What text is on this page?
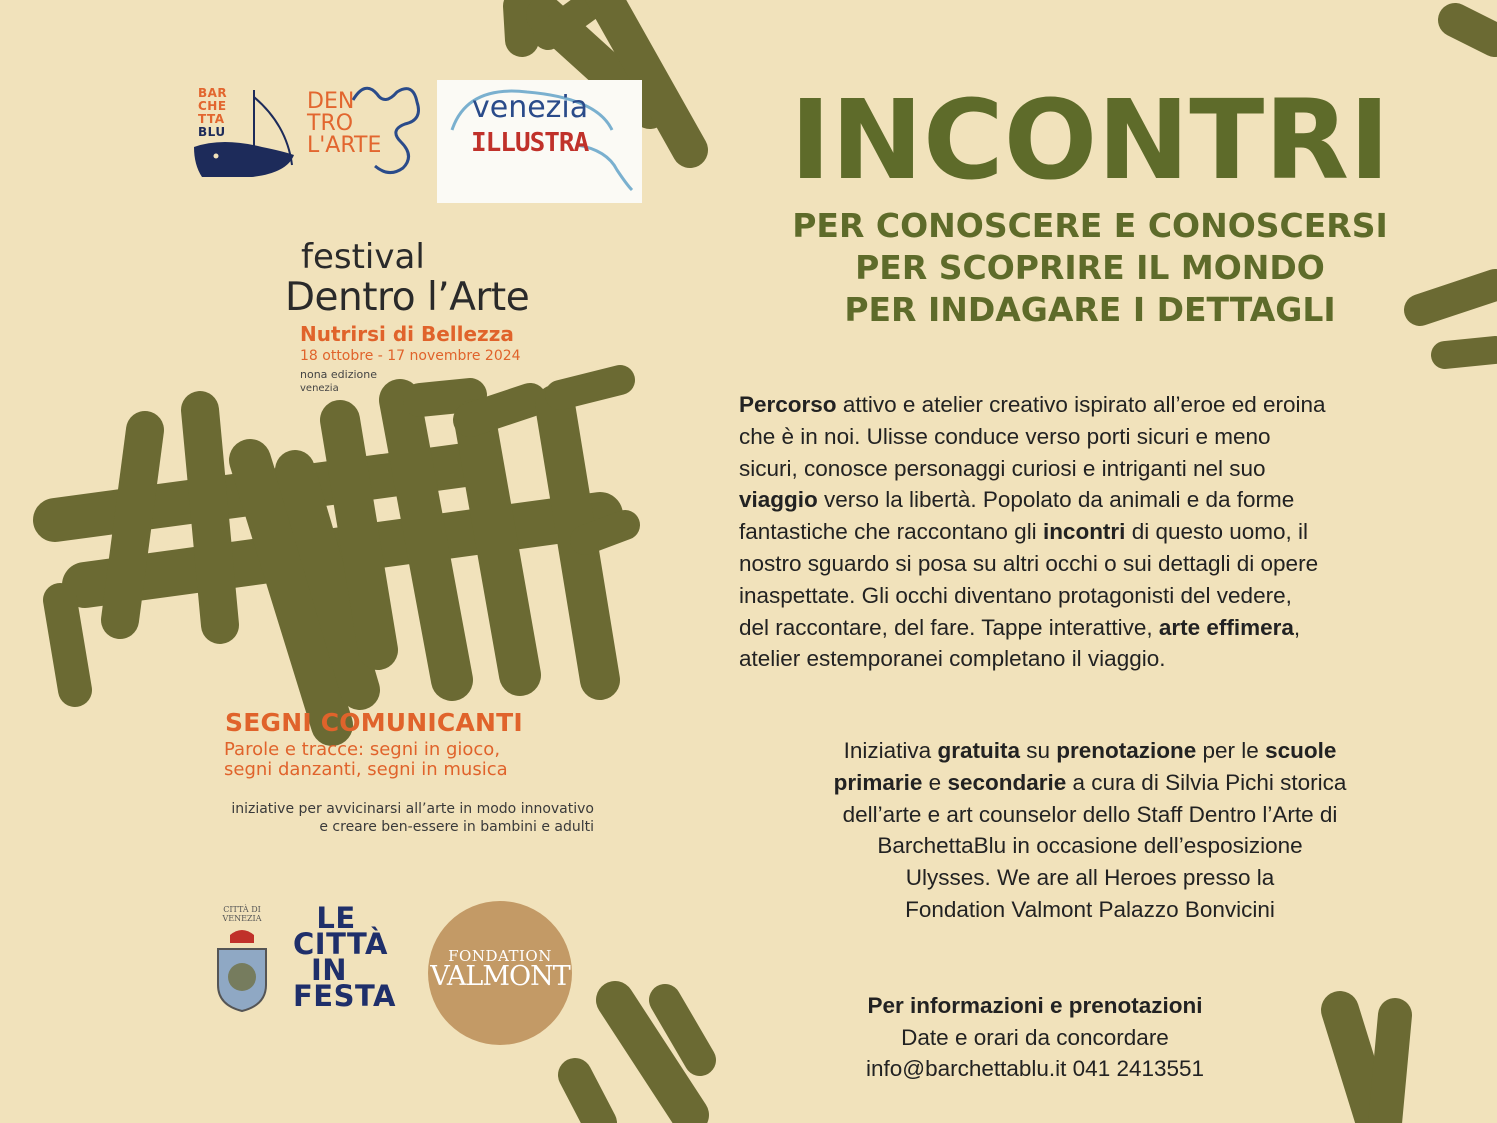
BAR
CHE
TTA
BLU
DEN
TRO
L'ARTE
venezia
ILLUSTRA
festival
Dentro l’Arte
Nutrirsi di Bellezza
18 ottobre - 17 novembre 2024
nona edizione
venezia
SEGNI COMUNICANTI
Parole e tracce: segni in gioco,
segni danzanti, segni in musica
iniziative per avvicinarsi all’arte in modo innovativo
e creare ben-essere in bambini e adulti
CITTÀ DI
VENEZIA	LE
CITTÀ
IN
FESTA
FONDATION
VALMONT
INCONTRI
PER CONOSCERE E CONOSCERSI
PER SCOPRIRE IL MONDO
PER INDAGARE I DETTAGLI
Percorso attivo e atelier creativo ispirato all’eroe ed eroina
che è in noi. Ulisse conduce verso porti sicuri e meno
sicuri, conosce personaggi curiosi e intriganti nel suo
viaggio verso la libertà. Popolato da animali e da forme
fantastiche che raccontano gli incontri di questo uomo, il
nostro sguardo si posa su altri occhi o sui dettagli di opere
inaspettate. Gli occhi diventano protagonisti del vedere,
del raccontare, del fare. Tappe interattive, arte effimera,
atelier estemporanei completano il viaggio.
Iniziativa gratuita su prenotazione per le scuole
primarie e secondarie a cura di Silvia Pichi storica
dell’arte e art counselor dello Staff Dentro l’Arte di
BarchettaBlu in occasione dell’esposizione
Ulysses. We are all Heroes presso la
Fondation Valmont Palazzo Bonvicini
Per informazioni e prenotazioni
Date e orari da concordare
info@barchettablu.it 041 2413551
